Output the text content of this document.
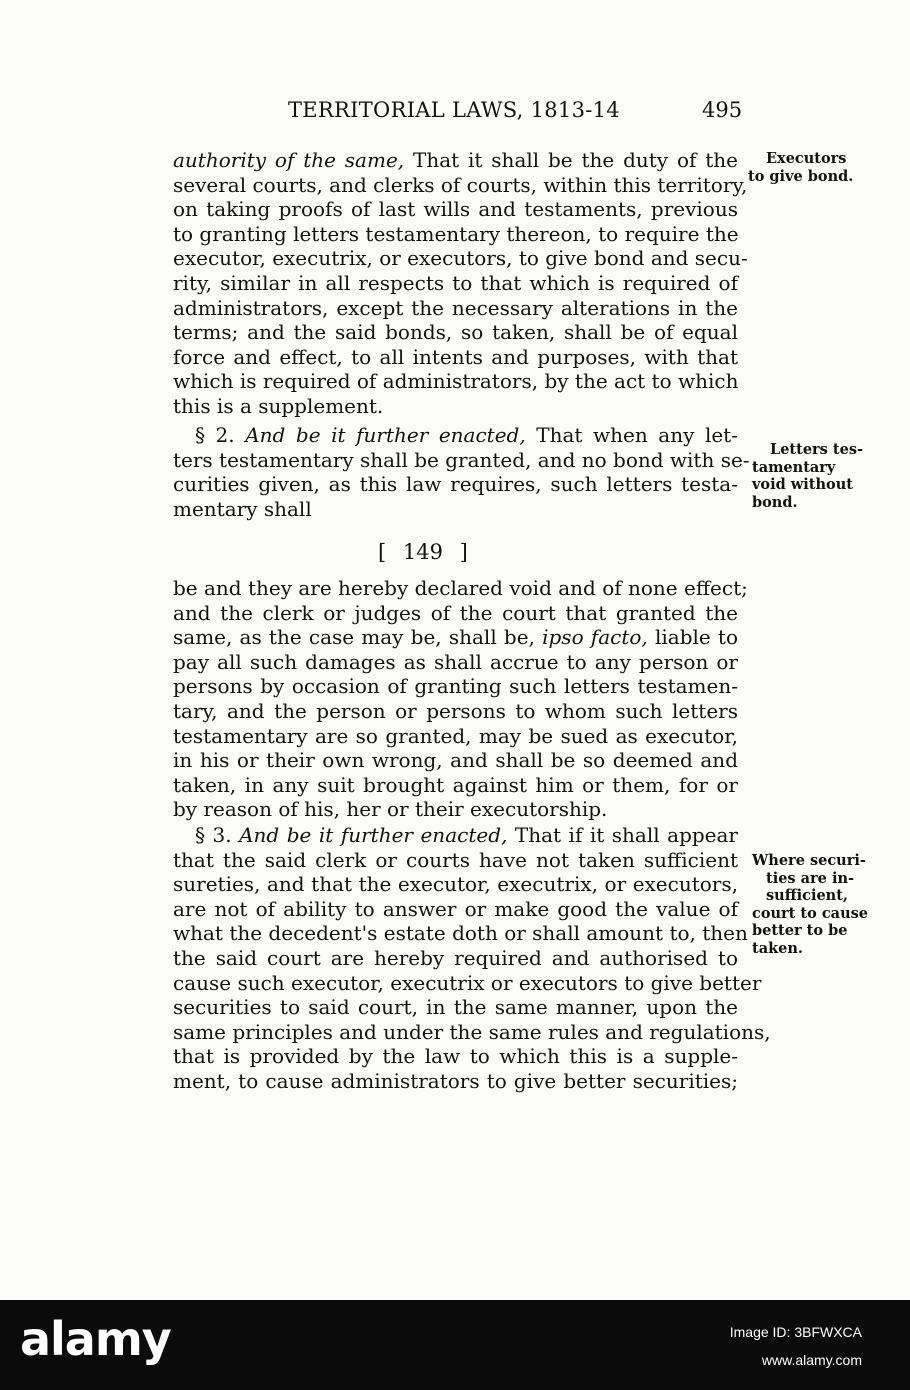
TERRITORIAL LAWS, 1813-14	495
authority of the same, That it shall be the duty of the
several courts, and clerks of courts, within this territory,
on taking proofs of last wills and testaments, previous
to granting letters testamentary thereon, to require the
executor, executrix, or executors, to give bond and secu-
rity, similar in all respects to that which is required of
administrators, except the necessary alterations in the
terms; and the said bonds, so taken, shall be of equal
force and effect, to all intents and purposes, with that
which is required of administrators, by the act to which
this is a supplement.
§ 2. And be it further enacted, That when any let-
ters testamentary shall be granted, and no bond with se-
curities given, as this law requires, such letters testa-
mentary shall
[ 149 ]
be and they are hereby declared void and of none effect;
and the clerk or judges of the court that granted the
same, as the case may be, shall be, ipso facto, liable to
pay all such damages as shall accrue to any person or
persons by occasion of granting such letters testamen-
tary, and the person or persons to whom such letters
testamentary are so granted, may be sued as executor,
in his or their own wrong, and shall be so deemed and
taken, in any suit brought against him or them, for or
by reason of his, her or their executorship.
§ 3. And be it further enacted, That if it shall appear
that the said clerk or courts have not taken sufficient
sureties, and that the executor, executrix, or executors,
are not of ability to answer or make good the value of
what the decedent's estate doth or shall amount to, then
the said court are hereby required and authorised to
cause such executor, executrix or executors to give better
securities to said court, in the same manner, upon the
same principles and under the same rules and regulations,
that is provided by the law to which this is a supple-
ment, to cause administrators to give better securities;
Executors
to give bond.
Letters tes-
tamentary
void without
bond.
Where securi-
ties are in-
sufficient,
court to cause
better to be
taken.
alamy	Image ID: 3BFWXCA
www.alamy.com
